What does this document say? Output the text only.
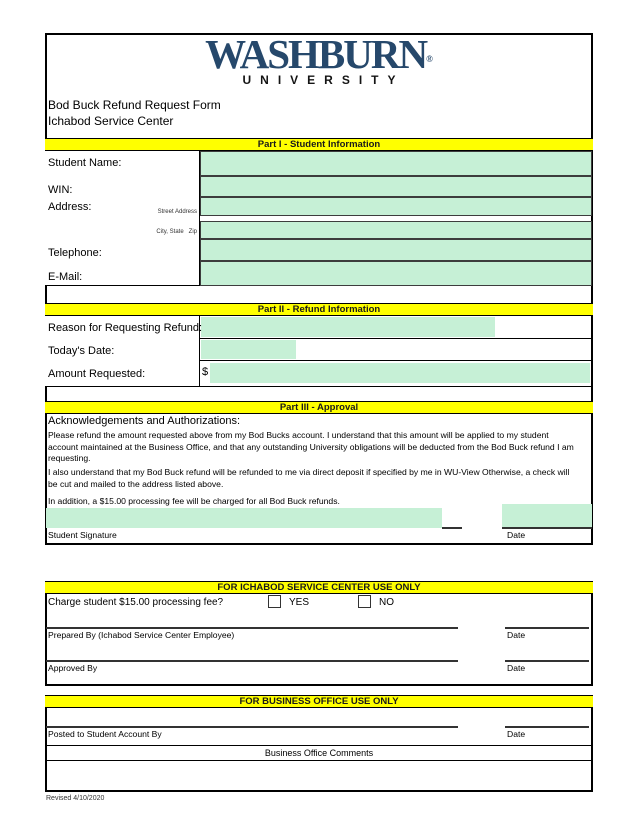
WASHBURN®
UNIVERSITY
Bod Buck Refund Request Form
Ichabod Service Center
Part I - Student Information
Student Name:
WIN:
Address:	Street Address
City, State   Zip
Telephone:
E-Mail:
Part II - Refund Information
Reason for Requesting Refund:
Today's Date:
Amount Requested:	$
Part III - Approval
Acknowledgements and Authorizations:
Please refund the amount requested above from my Bod Bucks account. I understand that this amount will be applied to my student account maintained at the Business Office, and that any outstanding University obligations will be deducted from the Bod Buck refund I am requesting.
I also understand that my Bod Buck refund will be refunded to me via direct deposit if specified by me in WU-View Otherwise, a check will be cut and mailed to the address listed above.
In addition, a $15.00 processing fee will be charged for all Bod Buck refunds.
Student Signature	Date
FOR ICHABOD SERVICE CENTER USE ONLY
Charge student $15.00 processing fee?	YES	NO
Prepared By (Ichabod Service Center Employee)	Date
Approved By	Date
FOR BUSINESS OFFICE USE ONLY
Posted to Student Account By	Date
Business Office Comments
Revised 4/10/2020
